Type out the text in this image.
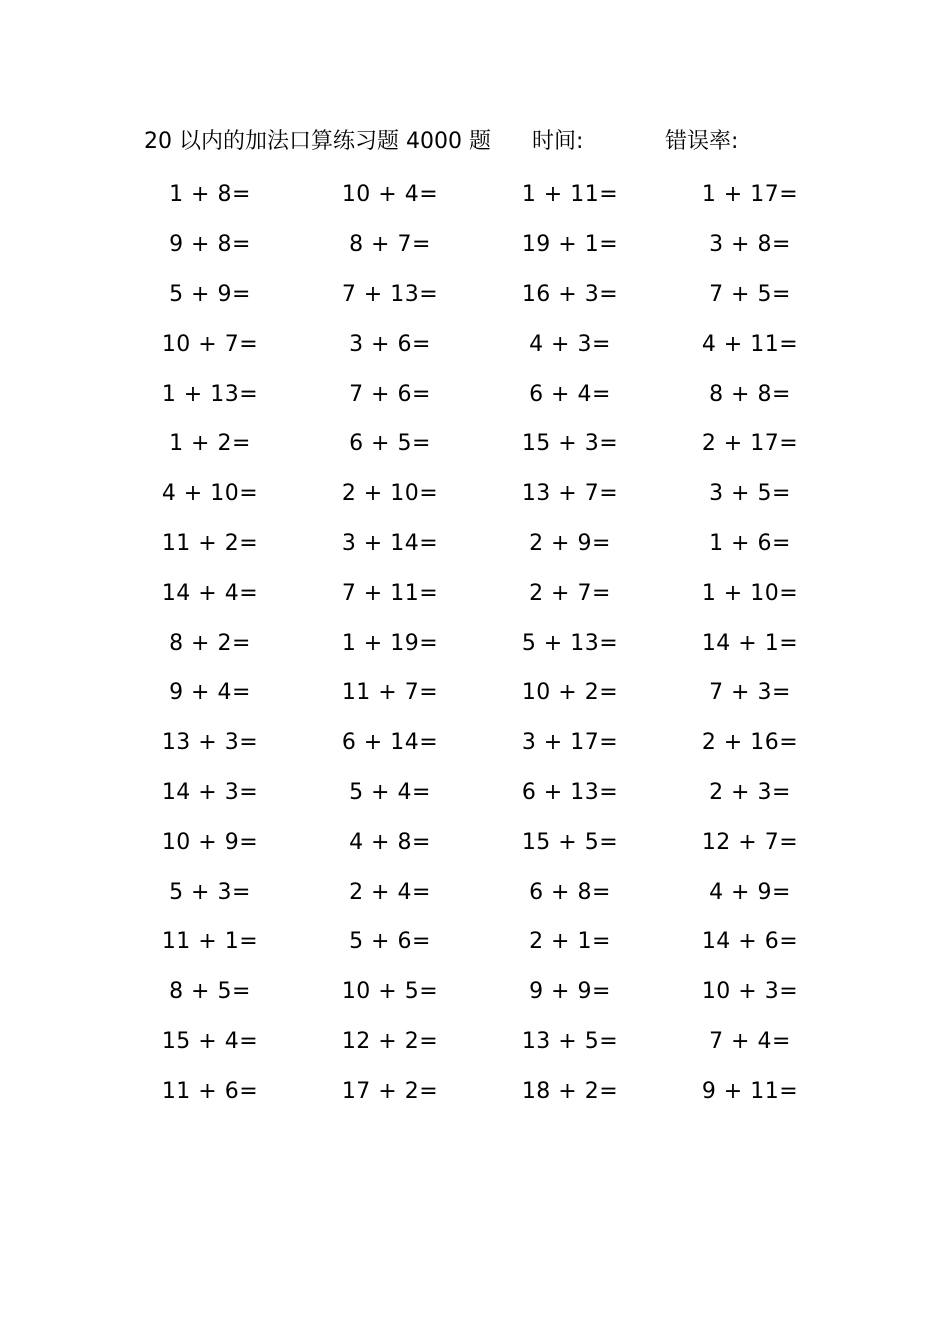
20 以内的加法口算练习题 4000 题 时间:	错误率:
1 + 8=	10 + 4=	1 + 11=	1 + 17=
9 + 8=	8 + 7=	19 + 1=	3 + 8=
5 + 9=	7 + 13=	16 + 3=	7 + 5=
10 + 7=	3 + 6=	4 + 3=	4 + 11=
1 + 13=	7 + 6=	6 + 4=	8 + 8=
1 + 2=	6 + 5=	15 + 3=	2 + 17=
4 + 10=	2 + 10=	13 + 7=	3 + 5=
11 + 2=	3 + 14=	2 + 9=	1 + 6=
14 + 4=	7 + 11=	2 + 7=	1 + 10=
8 + 2=	1 + 19=	5 + 13=	14 + 1=
9 + 4=	11 + 7=	10 + 2=	7 + 3=
13 + 3=	6 + 14=	3 + 17=	2 + 16=
14 + 3=	5 + 4=	6 + 13=	2 + 3=
10 + 9=	4 + 8=	15 + 5=	12 + 7=
5 + 3=	2 + 4=	6 + 8=	4 + 9=
11 + 1=	5 + 6=	2 + 1=	14 + 6=
8 + 5=	10 + 5=	9 + 9=	10 + 3=
15 + 4=	12 + 2=	13 + 5=	7 + 4=
11 + 6=	17 + 2=	18 + 2=	9 + 11=
